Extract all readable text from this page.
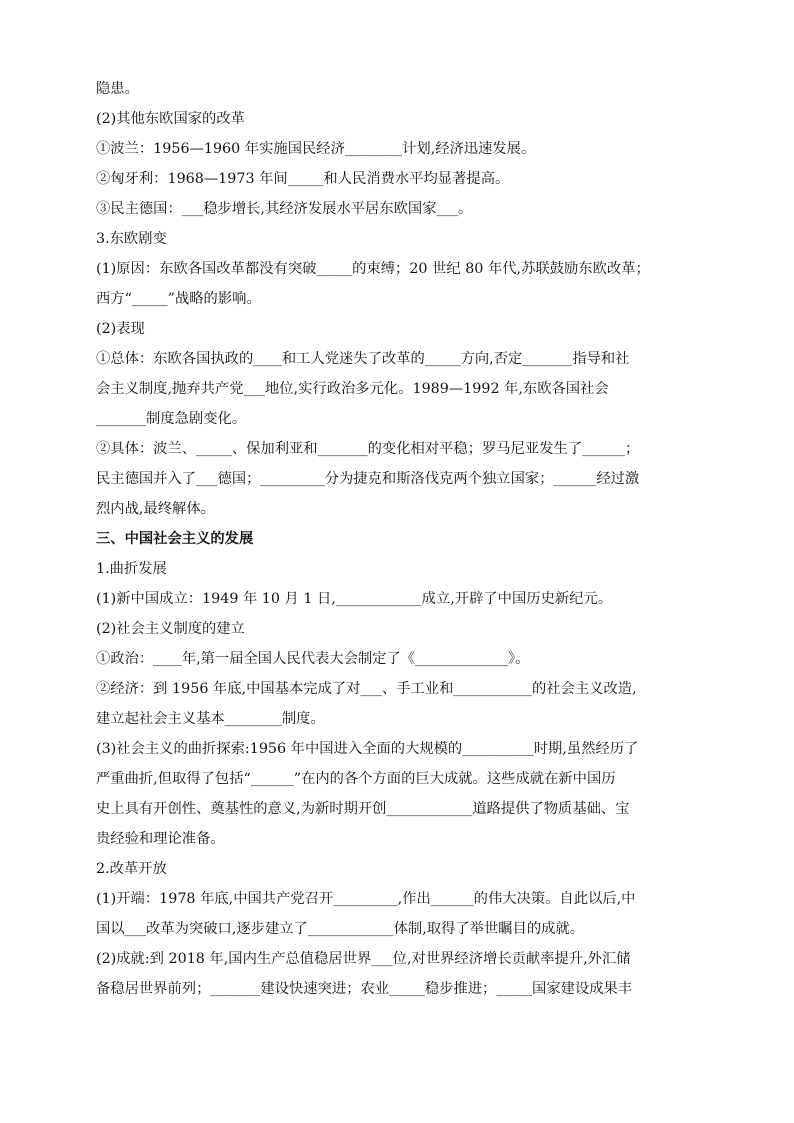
隐患。
(2)其他东欧国家的改革
①波兰：1956—1960 年实施国民经济________计划,经济迅速发展。
②匈牙利：1968—1973 年间_____和人民消费水平均显著提高。
③民主德国：___稳步增长,其经济发展水平居东欧国家___。
3.东欧剧变
(1)原因：东欧各国改革都没有突破_____的束缚；20 世纪 80 年代,苏联鼓励东欧改革；
西方“_____”战略的影响。
(2)表现
①总体：东欧各国执政的____和工人党迷失了改革的_____方向,否定_______指导和社
会主义制度,抛弃共产党___地位,实行政治多元化。1989—1992 年,东欧各国社会
_______制度急剧变化。
②具体：波兰、_____、保加利亚和_______的变化相对平稳；罗马尼亚发生了______；
民主德国并入了___德国；_________分为捷克和斯洛伐克两个独立国家；______经过激
烈内战,最终解体。
三、中国社会主义的发展
1.曲折发展
(1)新中国成立：1949 年 10 月 1 日,____________成立,开辟了中国历史新纪元。
(2)社会主义制度的建立
①政治：____年,第一届全国人民代表大会制定了《_____________》。
②经济：到 1956 年底,中国基本完成了对___、手工业和___________的社会主义改造,
建立起社会主义基本________制度。
(3)社会主义的曲折探索:1956 年中国进入全面的大规模的__________时期,虽然经历了
严重曲折,但取得了包括“______”在内的各个方面的巨大成就。这些成就在新中国历
史上具有开创性、奠基性的意义,为新时期开创____________道路提供了物质基础、宝
贵经验和理论准备。
2.改革开放
(1)开端：1978 年底,中国共产党召开_________,作出______的伟大决策。自此以后,中
国以___改革为突破口,逐步建立了____________体制,取得了举世瞩目的成就。
(2)成就:到 2018 年,国内生产总值稳居世界___位,对世界经济增长贡献率提升,外汇储
备稳居世界前列；_______建设快速突进；农业_____稳步推进；_____国家建设成果丰
